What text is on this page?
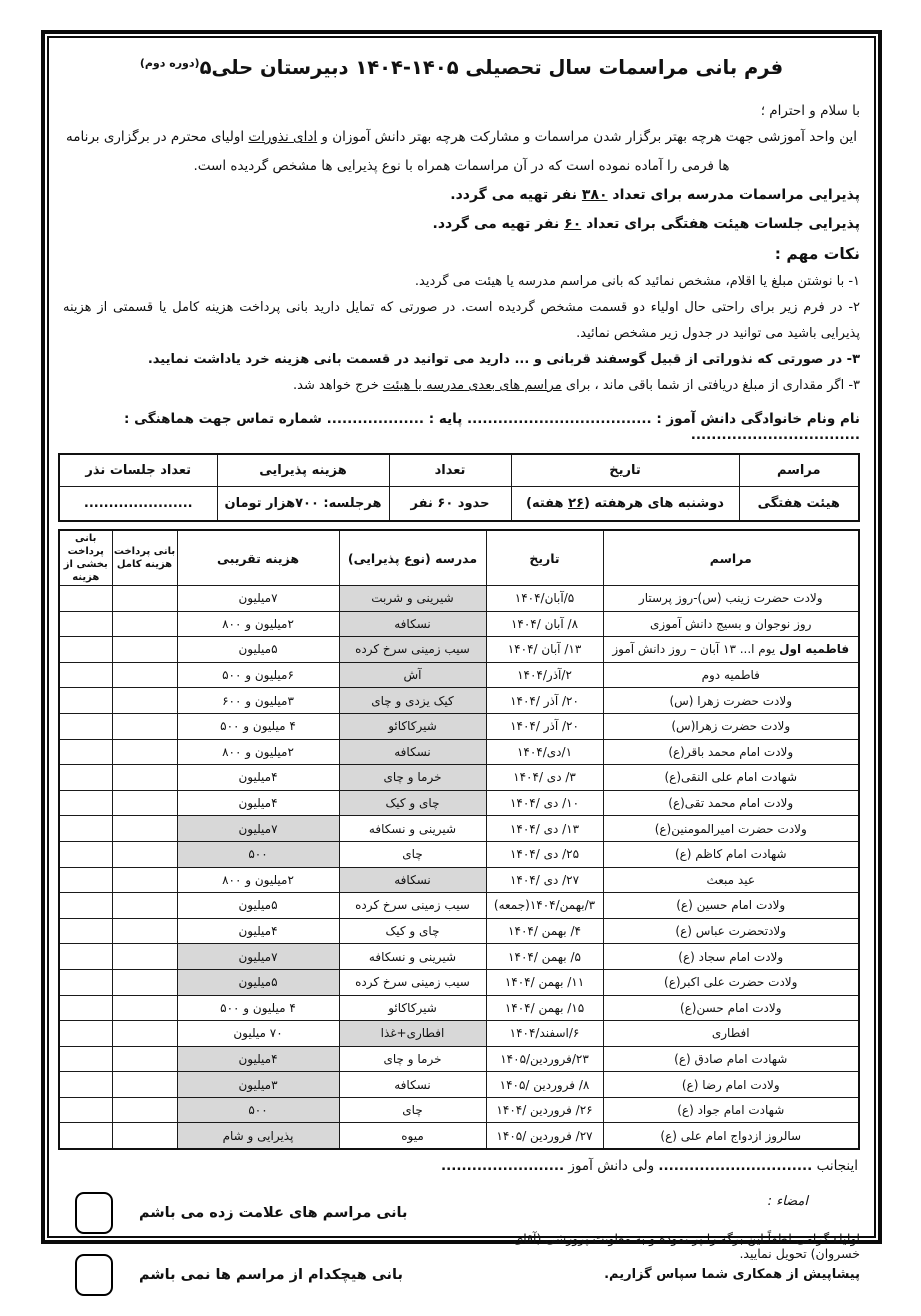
فرم بانی مراسمات سال تحصیلی ۱۴۰۵-۱۴۰۴ دبیرستان $حلی۵^{(دوره دوم)}$
با سلام و احترام ؛
این واحد آموزشی جهت هرچه بهتر برگزار شدن مراسمات و مشارکت هرچه بهتر دانش آموزان و ادای نذورات اولیای محترم در برگزاری برنامه ها فرمی را آماده نموده است که در آن مراسمات همراه با نوع پذیرایی ها مشخص گردیده است.
پذیرایی مراسمات مدرسه برای تعداد ۳۸۰ نفر تهیه می گردد.
پذیرایی جلسات هیئت هفتگی برای تعداد ۶۰ نفر تهیه می گردد.
نکات مهم :
۱- با نوشتن مبلغ یا اقلام، مشخص نمائید که بانی مراسم مدرسه یا هیئت می گردید.
۲- در فرم زیر برای راحتی حال اولیاء دو قسمت مشخص گردیده است. در صورتی که تمایل دارید بانی پرداخت هزینه کامل یا قسمتی از هزینه پذیرایی باشید می توانید در جدول زیر مشخص نمائید.
۳- در صورتی که نذوراتی از قبیل گوسفند قربانی و ... دارید می توانید در قسمت بانی هزینه خرد یاداشت نمایید.
۳- اگر مقداری از مبلغ دریافتی از شما باقی ماند ، برای مراسم های بعدی مدرسه یا هیئت خرج خواهد شد.
نام ونام خانوادگی دانش آموز : .................................... پایه : ................... شماره تماس جهت هماهنگی : .................................
مراسم	تاریخ	تعداد	هزینه پذیرایی	تعداد جلسات نذر
هیئت هفتگی	دوشنبه های هرهفته (۲۶ هفته)	حدود ۶۰ نفر	هرجلسه: ۷۰۰هزار تومان	......................
مراسم	تاریخ	مدرسه (نوع پذیرایی)	هزینه تقریبی	بانی پرداخت هزینه کامل	بانی پرداخت بخشی از هزینه
ولادت حضرت زینب (س)-روز پرستار	۵/آبان/۱۴۰۴	شیرینی و شربت	۷میلیون		
روز نوجوان و بسیج دانش آموزی	۸/ آبان /۱۴۰۴	نسکافه	۲میلیون و ۸۰۰		
فاطمیه اول یوم ا... ۱۳ آبان – روز دانش آموز	۱۳/ آبان /۱۴۰۴	سیب زمینی سرخ کرده	۵میلیون		
فاطمیه دوم	۲/آذر/۱۴۰۴	آش	۶میلیون و ۵۰۰		
ولادت حضرت زهرا (س)	۲۰/ آذر /۱۴۰۴	کیک یزدی و چای	۳میلیون و ۶۰۰		
ولادت حضرت زهرا(س)	۲۰/ آذر /۱۴۰۴	شیرکاکائو	۴ میلیون و ۵۰۰		
ولادت امام محمد باقر(ع)	۱/دی/۱۴۰۴	نسکافه	۲میلیون و ۸۰۰		
شهادت امام علی النقی(ع)	۳/ دی /۱۴۰۴	خرما و چای	۴میلیون		
ولادت امام محمد تقی(ع)	۱۰/ دی /۱۴۰۴	چای و کیک	۴میلیون		
ولادت حضرت امیرالمومنین(ع)	۱۳/ دی /۱۴۰۴	شیرینی و نسکافه	۷میلیون		
شهادت امام کاظم (ع)	۲۵/ دی /۱۴۰۴	چای	۵۰۰		
عید مبعث	۲۷/ دی /۱۴۰۴	نسکافه	۲میلیون و ۸۰۰		
ولادت امام حسین (ع)	۳/بهمن/۱۴۰۴(جمعه)	سیب زمینی سرخ کرده	۵میلیون		
ولادتحضرت عباس (ع)	۴/ بهمن /۱۴۰۴	چای و کیک	۴میلیون		
ولادت امام سجاد (ع)	۵/ بهمن /۱۴۰۴	شیرینی و نسکافه	۷میلیون		
ولادت حضرت علی اکبر(ع)	۱۱/ بهمن /۱۴۰۴	سیب زمینی سرخ کرده	۵میلیون		
ولادت امام حسن(ع)	۱۵/ بهمن /۱۴۰۴	شیرکاکائو	۴ میلیون و ۵۰۰		
افطاری	۶/اسفند/۱۴۰۴	افطاری+غذا	۷۰ میلیون		
شهادت امام صادق (ع)	۲۳/فروردین/۱۴۰۵	خرما و چای	۴میلیون		
ولادت امام رضا (ع)	۸/ فروردین /۱۴۰۵	نسکافه	۳میلیون		
شهادت امام جواد (ع)	۲۶/ فروردین /۱۴۰۴	چای	۵۰۰		
سالروز ازدواج امام علی (ع)	۲۷/ فروردین /۱۴۰۵	میوه	پذیرایی و شام		
اینجانب .............................. ولی دانش آموز ........................
امضاء :
اولیاء گرامی لطفاً این برگه را پر نموده و به معاونت پرورشی (آقای خسروان) تحویل نمایید.
پیشاپیش از همکاری شما سپاس گزاریم.
بانی مراسم های علامت زده می باشم
بانی هیچکدام از مراسم ها نمی باشم
